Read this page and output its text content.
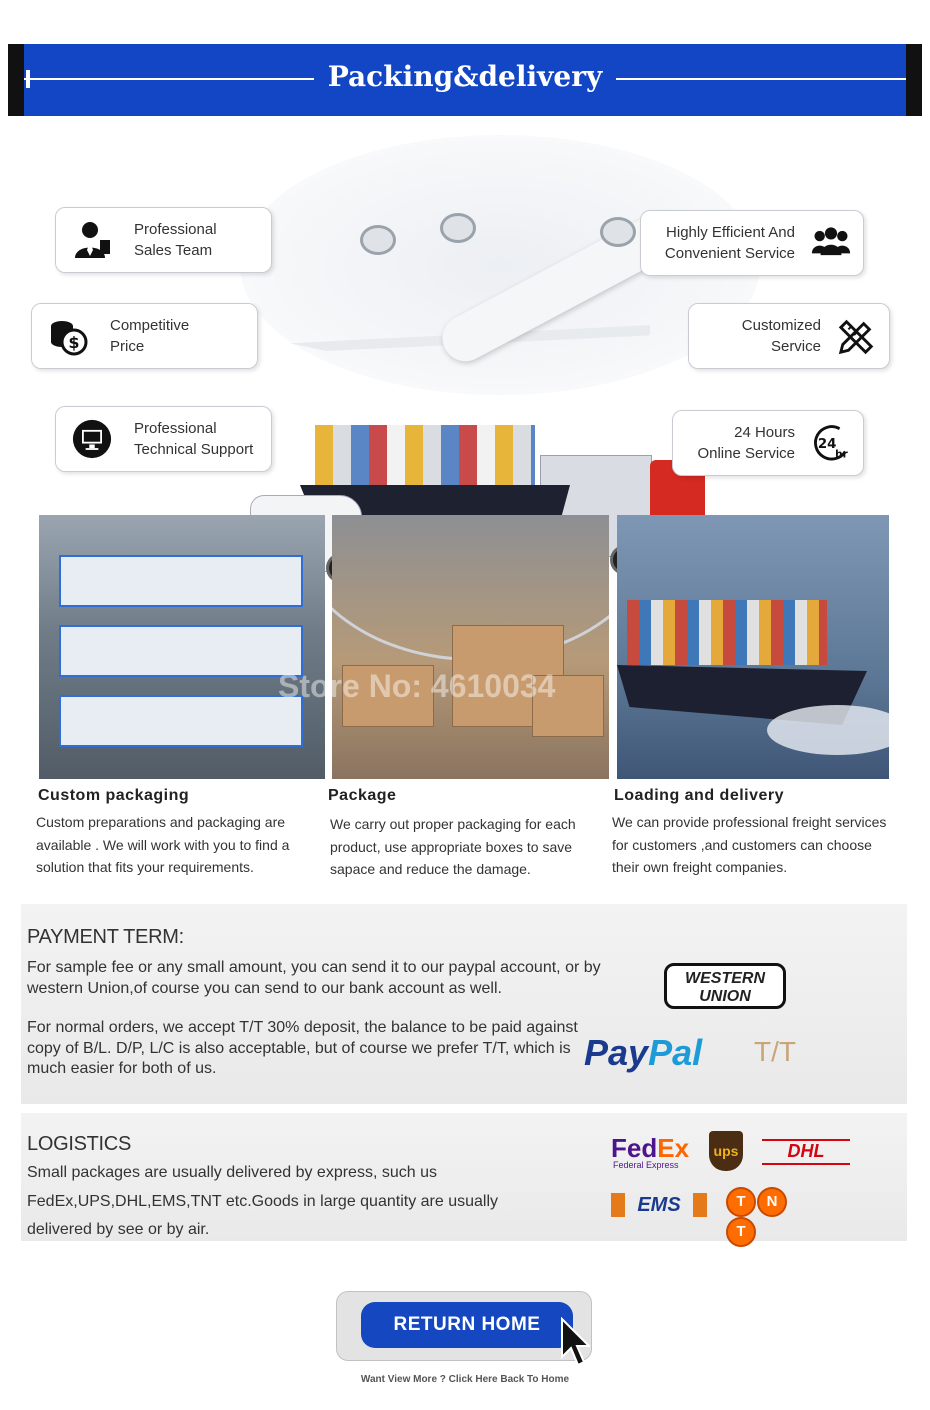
Packing&delivery
Professional
Sales Team
$
Competitive
Price
Professional
Technical Support
Highly Efficient And
Convenient Service
Customized
Service
24
hr
24 Hours
Online Service
Store No: 4610034
Custom packaging
Custom preparations and packaging are available . We will work with you to find a solution that fits your requirements.
Package
We carry out proper packaging for each product, use appropriate boxes to save sapace and reduce the damage.
Loading and delivery
We can provide professional freight services for customers ,and customers can choose their own freight companies.
PAYMENT TERM:
For sample fee or any small amount, you can send it to our paypal account, or by western Union,of course you can send to our bank account as well.
For normal orders, we accept T/T 30% deposit, the balance to be paid against copy of B/L. D/P, L/C is also acceptable, but of course we prefer T/T, which is much easier for both of us.
WESTERN
UNION
PayPal T/T
LOGISTICS
Small packages are usually delivered by express, such us FedEx,UPS,DHL,EMS,TNT etc.Goods in large quantity are usually delivered by see or by air.
FedEx
Federal Express
ups	DHL
EMS	T NT
RETURN HOME
Want View More ? Click Here Back To Home
